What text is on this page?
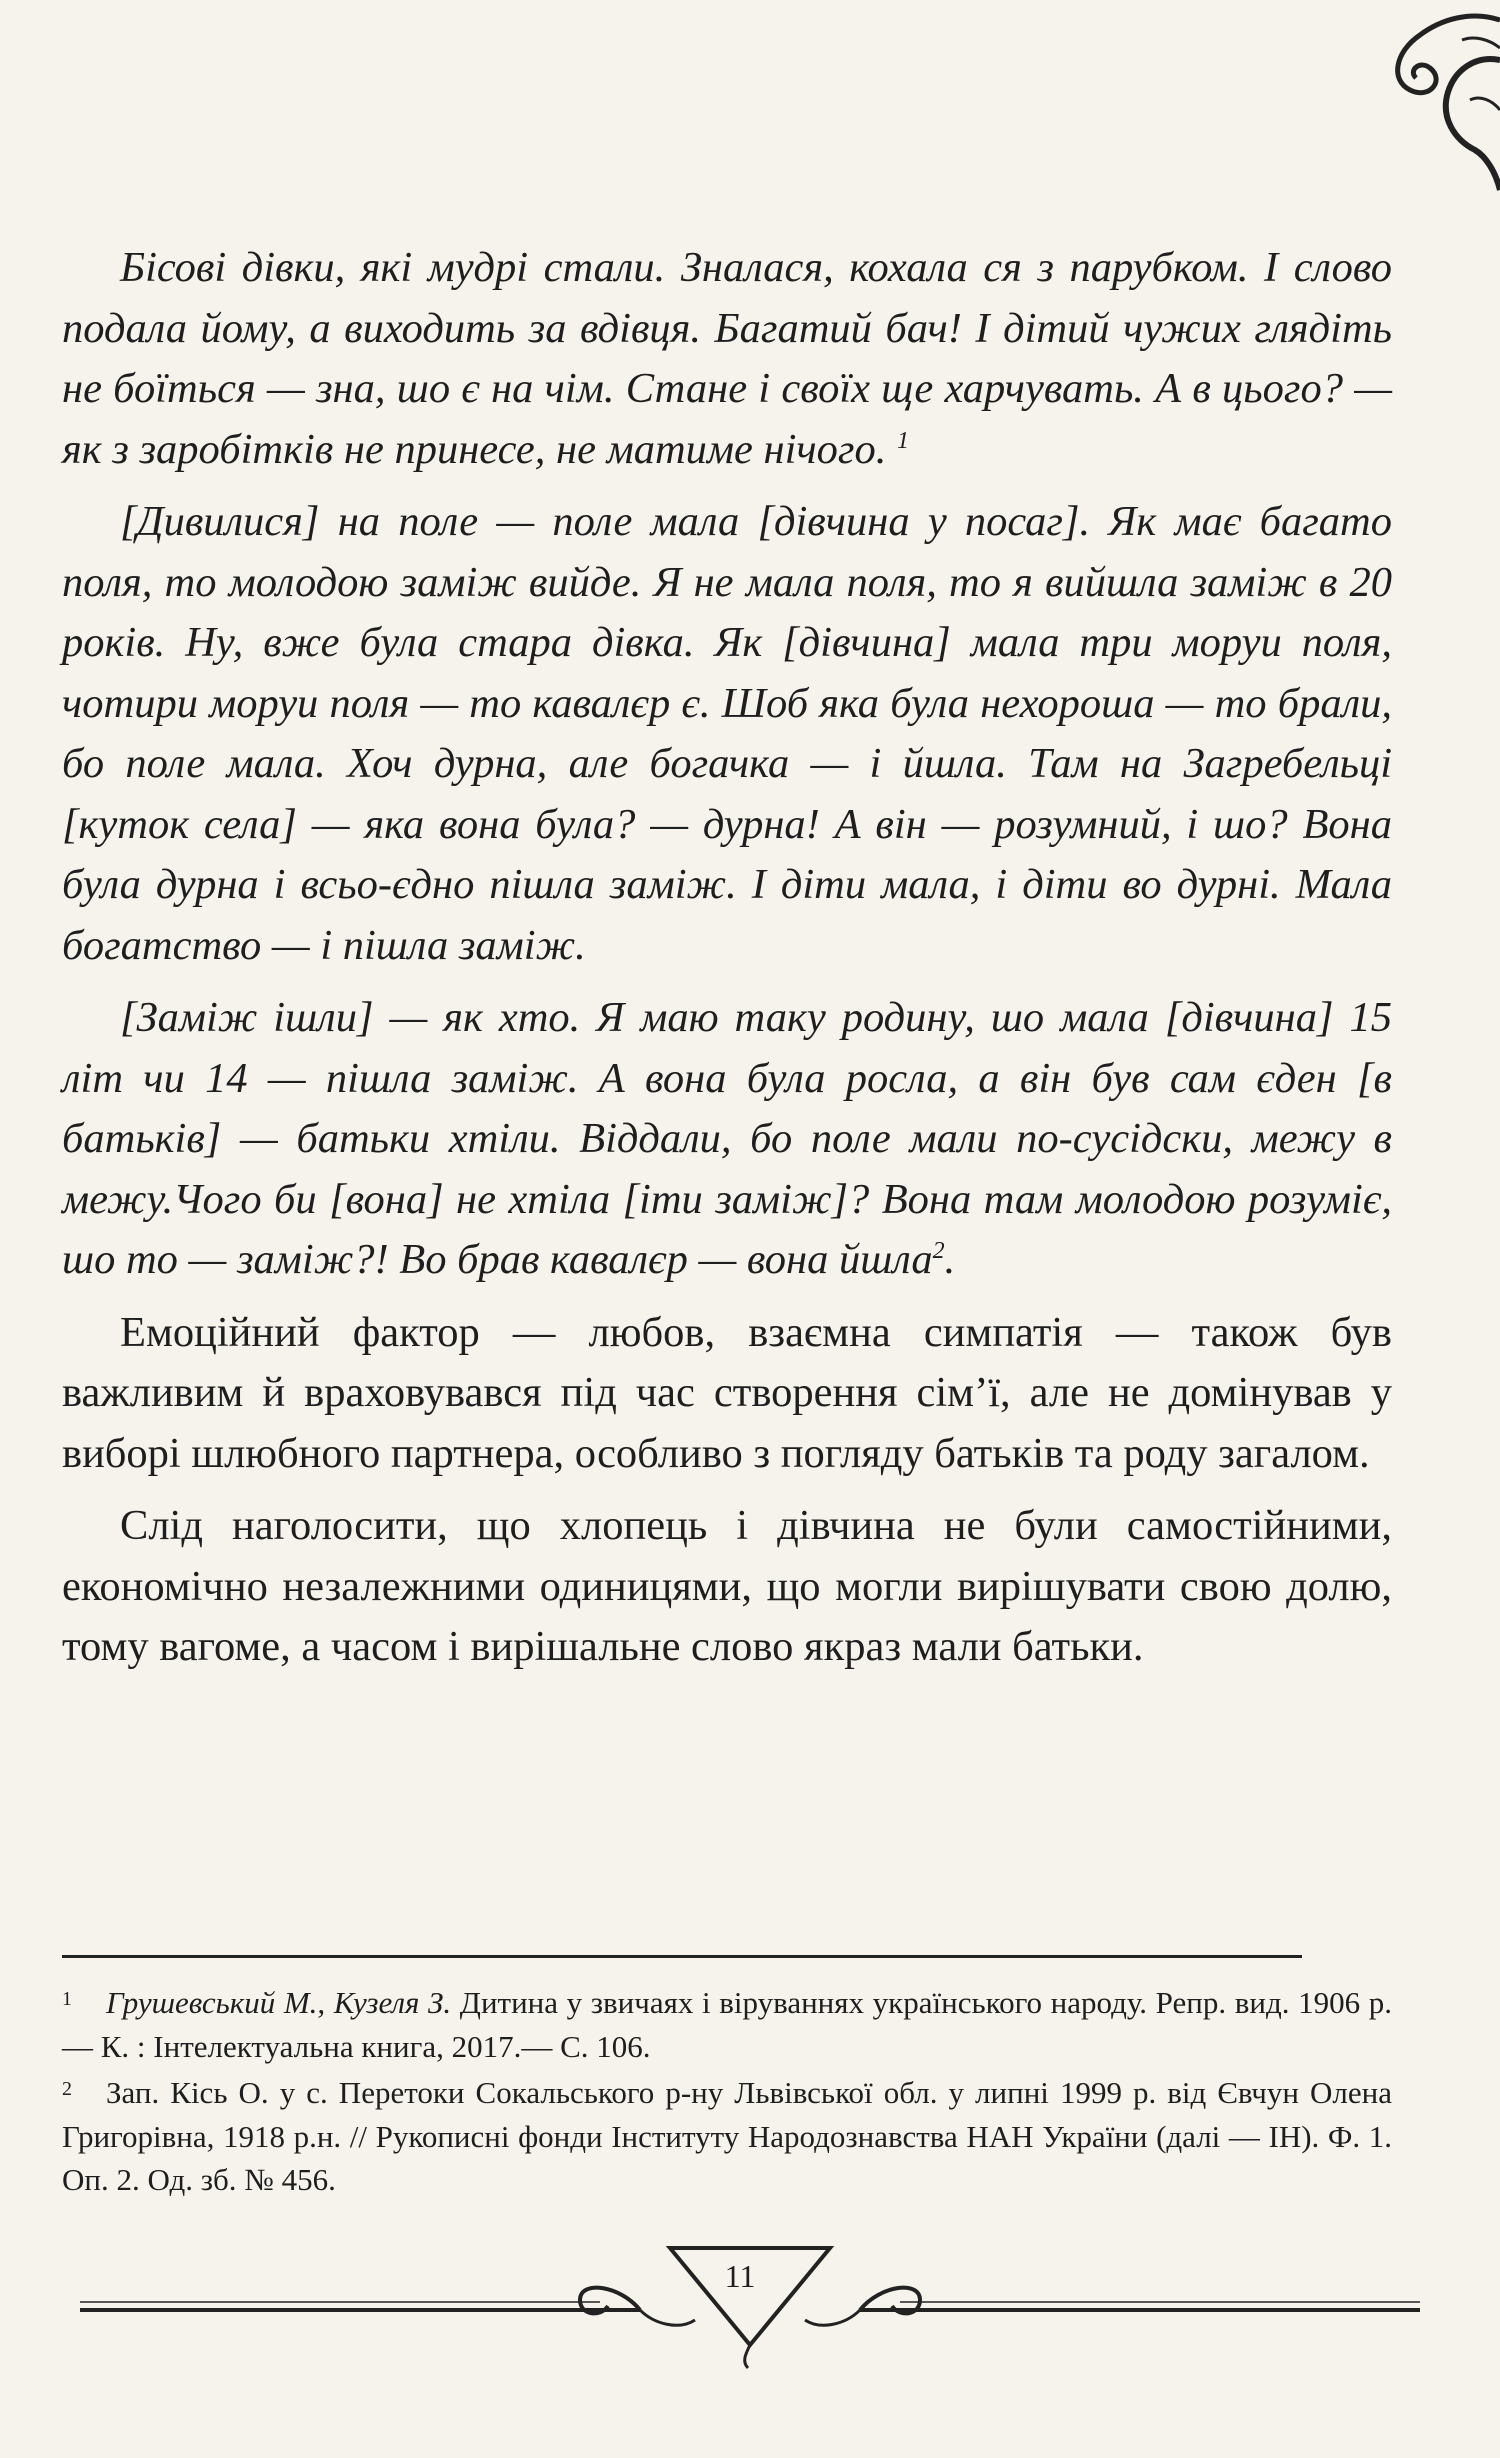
Бісові дівки, які мудрі стали. Зналася, кохала ся з парубком. І слово подала йому, а виходить за вдівця. Багатий бач! І дітий чужих глядіть не боїться — зна, шо є на чім. Стане і своїх ще харчувать. А в цього? — як з заробітків не принесе, не матиме нічого. $^1$

[Дивилися] на поле — поле мала [дівчина у посаг]. Як має багато поля, то молодою заміж вийде. Я не мала поля, то я вийшла заміж в 20 років. Ну, вже була стара дівка. Як [дівчина] мала три моруи поля, чотири моруи поля — то кавалєр є. Шоб яка була нехороша — то брали, бо поле мала. Хоч дурна, але богачка — і йшла. Там на Загребельці [куток села] — яка вона була? — дурна! А він — розумний, і шо? Вона була дурна і всьо-єдно пішла заміж. І діти мала, і діти во дурні. Мала богатство — і пішла заміж.

[Заміж ішли] — як хто. Я маю таку родину, шо мала [дівчина] 15 літ чи 14 — пішла заміж. А вона була росла, а він був сам єден [в батьків] — батьки хтіли. Віддали, бо поле мали по-сусідски, межу в межу.Чого би [вона] не хтіла [іти заміж]? Вона там молодою розуміє, шо то — заміж?! Во брав кавалєр — вона йшла$^2$.

Емоційний фактор — любов, взаємна симпатія — також був важливим й враховувався під час створення сім’ї, але не домінував у виборі шлюбного партнера, особливо з погляду батьків та роду загалом.

Слід наголосити, що хлопець і дівчина не були самостійними, економічно незалежними одиницями, що могли вирішувати свою долю, тому вагоме, а часом і вирішальне слово якраз мали батьки.

1 Грушевський М., Кузеля З. Дитина у звичаях і віруваннях українського народу. Репр. вид. 1906 р. — К. : Інтелектуальна книга, 2017.— С. 106.

2 Зап. Кісь О. у с. Перетоки Сокальського р-ну Львівської обл. у липні 1999 р. від Євчун Олена Григорівна, 1918 р.н. // Рукописні фонди Інституту Народознавства НАН України (далі — ІН). Ф. 1. Оп. 2. Од. зб. № 456.

11
